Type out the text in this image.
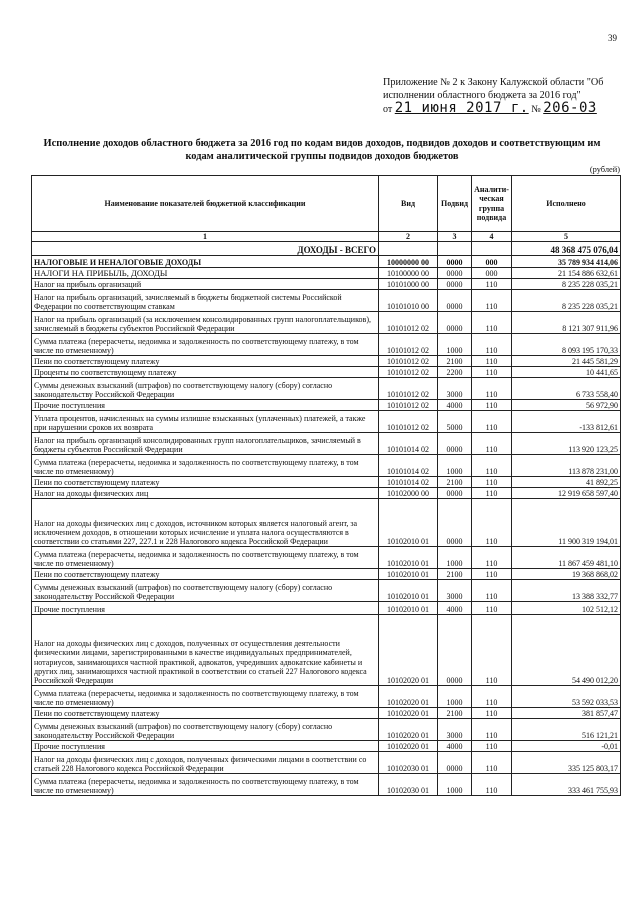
39
Приложение № 2 к Закону Калужской области "Об
исполнении областного бюджета за 2016 год"
от 21 июня 2017 г. № 206-03
Исполнение доходов областного бюджета за 2016 год по кодам видов доходов, подвидов доходов и соответствующим им
кодам аналитической группы подвидов доходов бюджетов
(рублей)
Наименование показателей бюджетной классификации	Вид	Подвид	Аналити-ческая группа подвида	Исполнено
1	2	3	4	5
ДОХОДЫ - ВСЕГО				48 368 475 076,04
НАЛОГОВЫЕ И НЕНАЛОГОВЫЕ ДОХОДЫ	10000000 00	0000	000	35 789 934 414,06
НАЛОГИ НА ПРИБЫЛЬ, ДОХОДЫ	10100000 00	0000	000	21 154 886 632,61
Налог на прибыль организаций	10101000 00	0000	110	8 235 228 035,21
Налог на прибыль организаций, зачисляемый в бюджеты бюджетной системы Российской Федерации по соответствующим ставкам	10101010 00	0000	110	8 235 228 035,21
Налог на прибыль организаций (за исключением консолидированных групп налогоплательщиков), зачисляемый в бюджеты субъектов Российской Федерации	10101012 02	0000	110	8 121 307 911,96
Сумма платежа (перерасчеты, недоимка и задолженность по соответствующему платежу, в том числе по отмененному)	10101012 02	1000	110	8 093 195 170,33
Пени по соответствующему платежу	10101012 02	2100	110	21 445 581,29
Проценты по соответствующему платежу	10101012 02	2200	110	10 441,65
Суммы денежных взысканий (штрафов) по соответствующему налогу (сбору) согласно законодательству Российской Федерации	10101012 02	3000	110	6 733 558,40
Прочие поступления	10101012 02	4000	110	56 972,90
Уплата процентов, начисленных на суммы излишне взысканных (уплаченных) платежей, а также при нарушении сроков их возврата	10101012 02	5000	110	-133 812,61
Налог на прибыль организаций консолидированных групп налогоплательщиков, зачисляемый в бюджеты субъектов Российской Федерации	10101014 02	0000	110	113 920 123,25
Сумма платежа (перерасчеты, недоимка и задолженность по соответствующему платежу, в том числе по отмененному)	10101014 02	1000	110	113 878 231,00
Пени по соответствующему платежу	10101014 02	2100	110	41 892,25
Налог на доходы физических лиц	10102000 00	0000	110	12 919 658 597,40
Налог на доходы физических лиц с доходов, источником которых является налоговый агент, за исключением доходов, в отношении которых исчисление и уплата налога осуществляются в соответствии со статьями 227, 227.1 и 228 Налогового кодекса Российской Федерации	10102010 01	0000	110	11 900 319 194,01
Сумма платежа (перерасчеты, недоимка и задолженность по соответствующему платежу, в том числе по отмененному)	10102010 01	1000	110	11 867 459 481,10
Пени по соответствующему платежу	10102010 01	2100	110	19 368 868,02
Суммы денежных взысканий (штрафов) по соответствующему налогу (сбору) согласно законодательству Российской Федерации	10102010 01	3000	110	13 388 332,77
Прочие поступления	10102010 01	4000	110	102 512,12
Налог на доходы физических лиц с доходов, полученных от осуществления деятельности физическими лицами, зарегистрированными в качестве индивидуальных предпринимателей, нотариусов, занимающихся частной практикой, адвокатов, учредивших адвокатские кабинеты и других лиц, занимающихся частной практикой в соответствии со статьей 227 Налогового кодекса Российской Федерации	10102020 01	0000	110	54 490 012,20
Сумма платежа (перерасчеты, недоимка и задолженность по соответствующему платежу, в том числе по отмененному)	10102020 01	1000	110	53 592 033,53
Пени по соответствующему платежу	10102020 01	2100	110	381 857,47
Суммы денежных взысканий (штрафов) по соответствующему налогу (сбору) согласно законодательству Российской Федерации	10102020 01	3000	110	516 121,21
Прочие поступления	10102020 01	4000	110	-0,01
Налог на доходы физических лиц с доходов, полученных физическими лицами в соответствии со статьей 228 Налогового кодекса Российской Федерации	10102030 01	0000	110	335 125 803,17
Сумма платежа (перерасчеты, недоимка и задолженность по соответствующему платежу, в том числе по отмененному)	10102030 01	1000	110	333 461 755,93
